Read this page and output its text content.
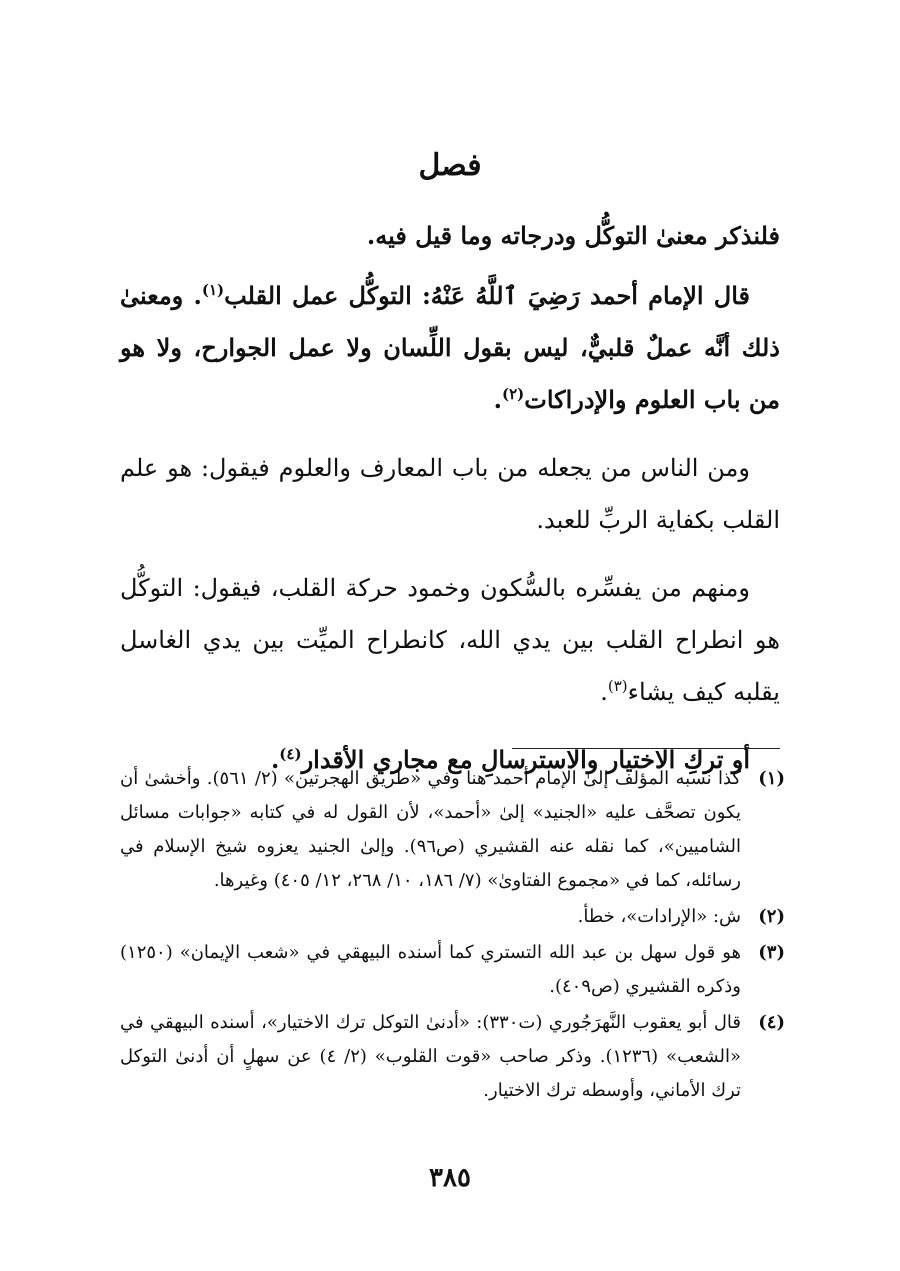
فصل

فلنذكر معنىٰ التوكُّل ودرجاته وما قيل فيه.

قال الإمام أحمد رَضِيَ ٱللَّهُ عَنْهُ: التوكُّل عمل القلب$^{(١)}$. ومعنىٰ ذلك أنَّه عملٌ قلبيٌّ، ليس بقول اللِّسان ولا عمل الجوارح، ولا هو من باب العلوم والإدراكات$^{(٢)}$.

ومن الناس من يجعله من باب المعارف والعلوم فيقول: هو علم القلب بكفاية الربِّ للعبد.

ومنهم من يفسِّره بالسُّكون وخمود حركة القلب، فيقول: التوكُّل هو انطراح القلب بين يدي الله، كانطراح الميِّت بين يدي الغاسل يقلبه كيف يشاء$^{(٣)}$.

أو تركِ الاختيار والاسترسالِ مع مجاري الأقدار$^{(٤)}$.

(١)
كذا نسبه المؤلف إلىٰ الإمام أحمد هنا وفي «طريق الهجرتين» (٢/ ٥٦١). وأخشىٰ أن يكون تصحَّف عليه «الجنيد» إلىٰ «أحمد»، لأن القول له في كتابه «جوابات مسائل الشاميين»، كما نقله عنه القشيري (ص٩٦). وإلىٰ الجنيد يعزوه شيخ الإسلام في رسائله، كما في «مجموع الفتاوىٰ» (٧/ ١٨٦، ١٠/ ٢٦٨، ١٢/ ٤٠٥) وغيرها.
(٢)
ش: «الإرادات»، خطأ.
(٣)
هو قول سهل بن عبد الله التستري كما أسنده البيهقي في «شعب الإيمان» (١٢٥٠) وذكره القشيري (ص٤٠٩).
(٤)
قال أبو يعقوب النَّهرَجُوري (ت٣٣٠): «أدنىٰ التوكل ترك الاختيار»، أسنده البيهقي في «الشعب» (١٢٣٦). وذكر صاحب «قوت القلوب» (٢/ ٤) عن سهلٍ أن أدنىٰ التوكل ترك الأماني، وأوسطه ترك الاختيار.
٣٨٥
